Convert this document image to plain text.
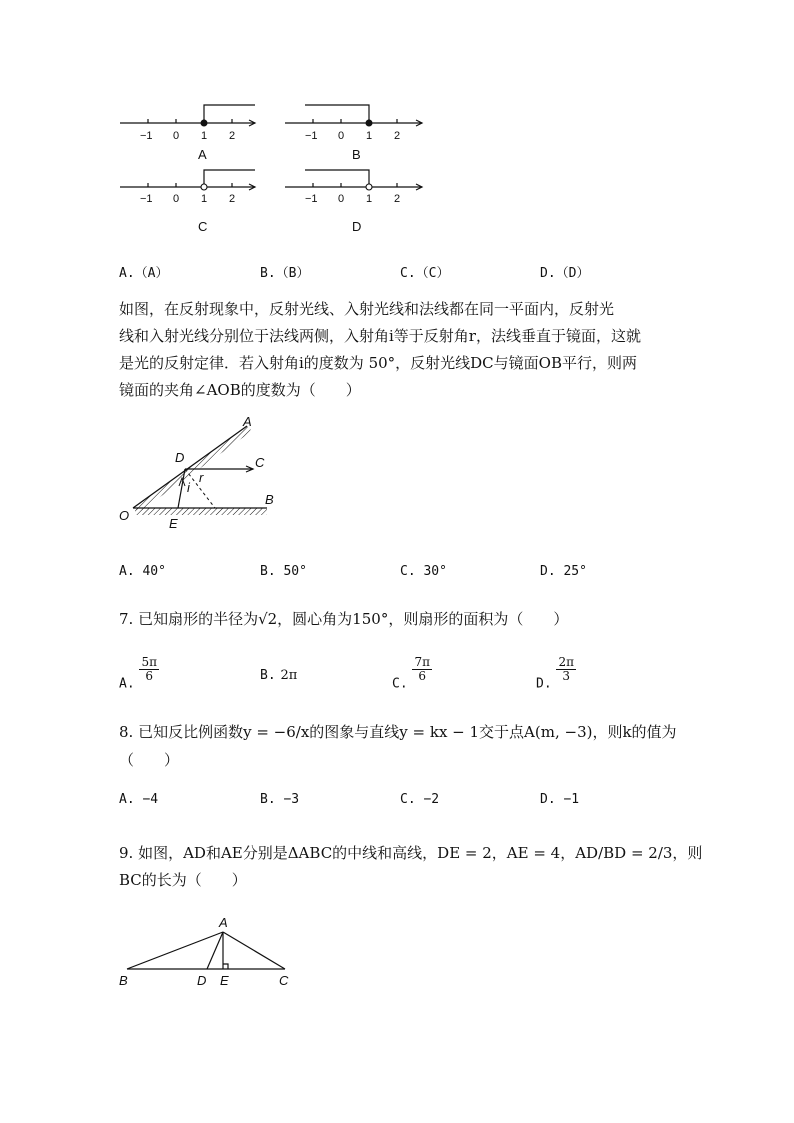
−1 0 1 2	−1 0 1 2
−1 0 1 2	−1 0 1 2
A	B
C	D
A.（A）	B.（B）	C.（C）	D.（D）
如图，在反射现象中，反射光线、入射光线和法线都在同一平面内，反射光
线和入射光线分别位于法线两侧，入射角i等于反射角r，法线垂直于镜面，这就
是光的反射定律．若入射角i的度数为 50°，反射光线DC与镜面OB平行，则两
镜面的夹角∠AOB的度数为（　　）
A
D	C
r
i
B
O
E
A. 40°	B. 50°	C. 30°	D. 25°
7. 已知扇形的半径为√2，圆心角为150°，则扇形的面积为（　　）
A.
$\frac{5\pi}{6}$	B. 2π
C.
$\frac{7\pi}{6}$
D.
$\frac{2\pi}{3}$
8. 已知反比例函数y = −6/x的图象与直线y = kx − 1交于点A(m, −3)，则k的值为
（　　）
A. −4	B. −3	C. −2	D. −1
9. 如图，AD和AE分别是ΔABC的中线和高线，DE = 2，AE = 4，AD/BD = 2/3，则
BC的长为（　　）
A
B	D E	C
